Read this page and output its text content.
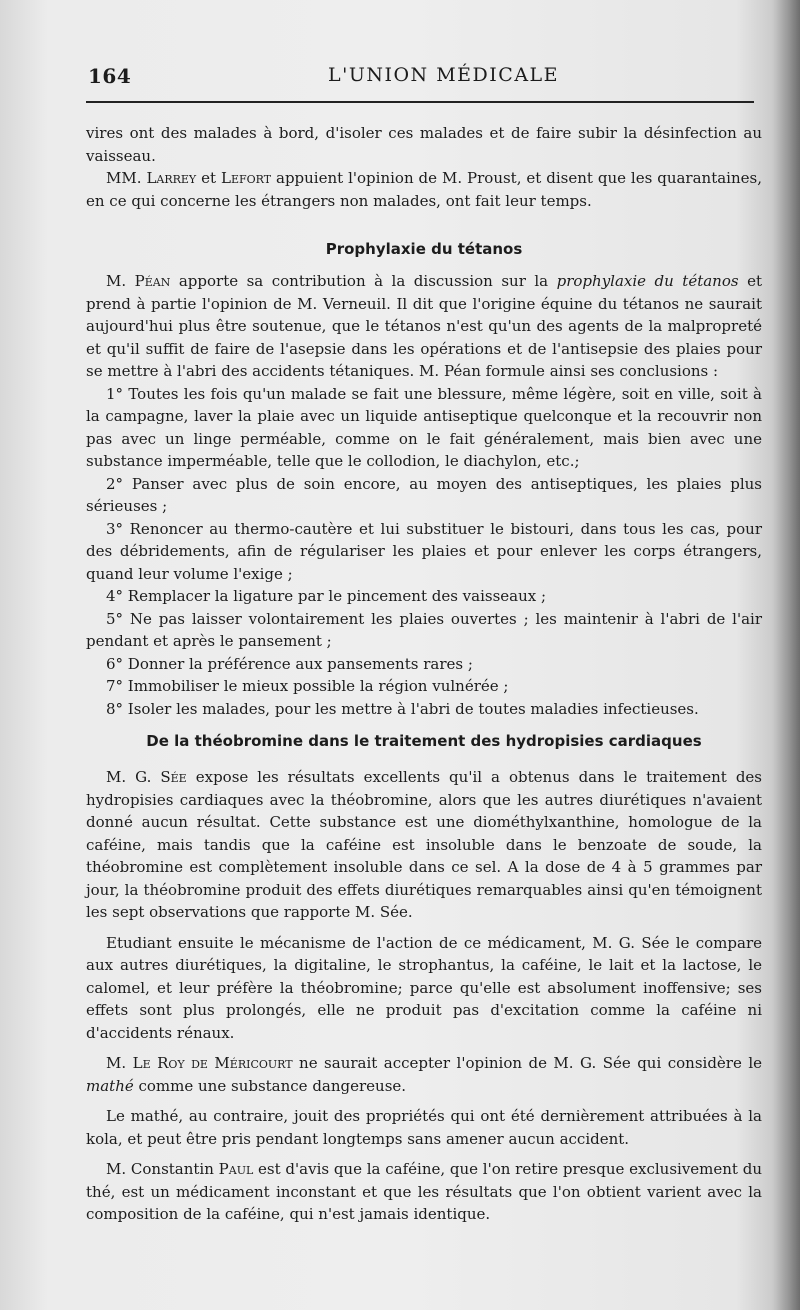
164	L'UNION MÉDICALE

vires ont des malades à bord, d'isoler ces malades et de faire subir la désinfection au vaisseau.

MM. Larrey et Lefort appuient l'opinion de M. Proust, et disent que les quarantaines, en ce qui concerne les étrangers non malades, ont fait leur temps.

Prophylaxie du tétanos

M. Péan apporte sa contribution à la discussion sur la prophylaxie du tétanos et prend à partie l'opinion de M. Verneuil. Il dit que l'origine équine du tétanos ne saurait aujourd'hui plus être soutenue, que le tétanos n'est qu'un des agents de la malpropreté et qu'il suffit de faire de l'asepsie dans les opérations et de l'antisepsie des plaies pour se mettre à l'abri des accidents tétaniques. M. Péan formule ainsi ses conclusions :

1° Toutes les fois qu'un malade se fait une blessure, même légère, soit en ville, soit à la campagne, laver la plaie avec un liquide antiseptique quelconque et la recouvrir non pas avec un linge perméable, comme on le fait généralement, mais bien avec une substance imperméable, telle que le collodion, le diachylon, etc.;

2° Panser avec plus de soin encore, au moyen des antiseptiques, les plaies plus sérieuses ;

3° Renoncer au thermo-cautère et lui substituer le bistouri, dans tous les cas, pour des débridements, afin de régulariser les plaies et pour enlever les corps étrangers, quand leur volume l'exige ;

4° Remplacer la ligature par le pincement des vaisseaux ;

5° Ne pas laisser volontairement les plaies ouvertes ; les maintenir à l'abri de l'air pendant et après le pansement ;

6° Donner la préférence aux pansements rares ;

7° Immobiliser le mieux possible la région vulnérée ;

8° Isoler les malades, pour les mettre à l'abri de toutes maladies infectieuses.

De la théobromine dans le traitement des hydropisies cardiaques

M. G. Sée expose les résultats excellents qu'il a obtenus dans le traitement des hydropisies cardiaques avec la théobromine, alors que les autres diurétiques n'avaient donné aucun résultat. Cette substance est une diométhylxanthine, homologue de la caféine, mais tandis que la caféine est insoluble dans le benzoate de soude, la théobromine est complètement insoluble dans ce sel. A la dose de 4 à 5 grammes par jour, la théobromine produit des effets diurétiques remarquables ainsi qu'en témoignent les sept observations que rapporte M. Sée.

Etudiant ensuite le mécanisme de l'action de ce médicament, M. G. Sée le compare aux autres diurétiques, la digitaline, le strophantus, la caféine, le lait et la lactose, le calomel, et leur préfère la théobromine; parce qu'elle est absolument inoffensive; ses effets sont plus prolongés, elle ne produit pas d'excitation comme la caféine ni d'accidents rénaux.

M. Le Roy de Méricourt ne saurait accepter l'opinion de M. G. Sée qui considère le mathé comme une substance dangereuse.

Le mathé, au contraire, jouit des propriétés qui ont été dernièrement attribuées à la kola, et peut être pris pendant longtemps sans amener aucun accident.

M. Constantin Paul est d'avis que la caféine, que l'on retire presque exclusivement du thé, est un médicament inconstant et que les résultats que l'on obtient varient avec la composition de la caféine, qui n'est jamais identique.
